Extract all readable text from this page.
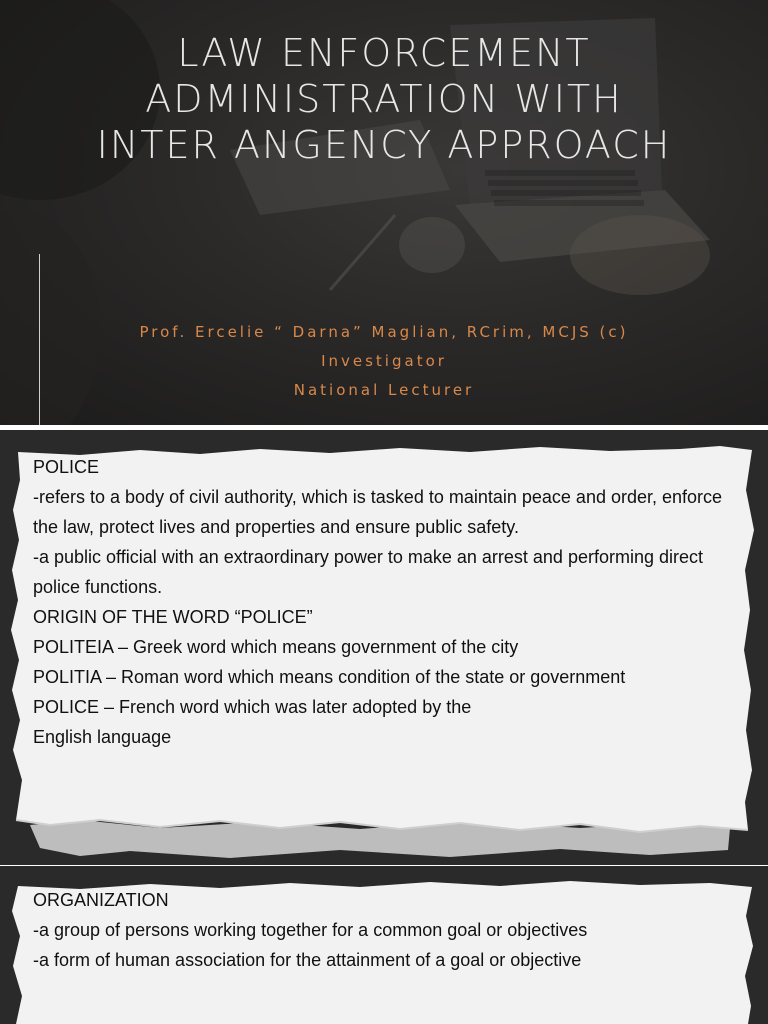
LAW ENFORCEMENT
ADMINISTRATION WITH
INTER ANGENCY APPROACH
Prof. Ercelie “ Darna” Maglian, RCrim, MCJS (c)
Investigator
National Lecturer
POLICE
-refers to a body of civil authority, which is tasked to maintain peace and order, enforce the law, protect lives and properties and ensure public safety.
-a public official with an extraordinary power to make an arrest and performing direct police functions.
ORIGIN OF THE WORD “POLICE”
POLITEIA – Greek word which means government of the city
POLITIA – Roman word which means condition of the state or government
POLICE – French word which was later adopted by the
English language
ORGANIZATION
-a group of persons working together for a common goal or objectives
-a form of human association for the attainment of a goal or objective
